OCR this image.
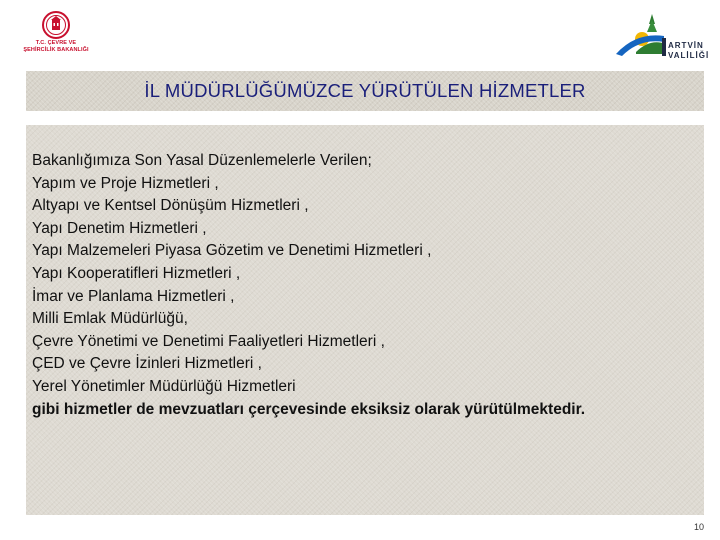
T.C. ÇEVRE VE
ŞEHİRCİLİK BAKANLIĞI	ARTVİN
VALİLİĞİ
İL MÜDÜRLÜĞÜMÜZCE YÜRÜTÜLEN HİZMETLER
Bakanlığımıza Son Yasal Düzenlemelerle Verilen;
Yapım ve Proje Hizmetleri ,
Altyapı ve Kentsel Dönüşüm Hizmetleri ,
Yapı Denetim Hizmetleri ,
Yapı Malzemeleri Piyasa Gözetim ve Denetimi Hizmetleri ,
Yapı Kooperatifleri Hizmetleri ,
İmar ve Planlama Hizmetleri ,
Milli Emlak Müdürlüğü,
Çevre Yönetimi ve Denetimi Faaliyetleri Hizmetleri ,
ÇED ve Çevre İzinleri Hizmetleri ,
Yerel Yönetimler Müdürlüğü Hizmetleri
gibi hizmetler de mevzuatları çerçevesinde eksiksiz olarak yürütülmektedir.
10
